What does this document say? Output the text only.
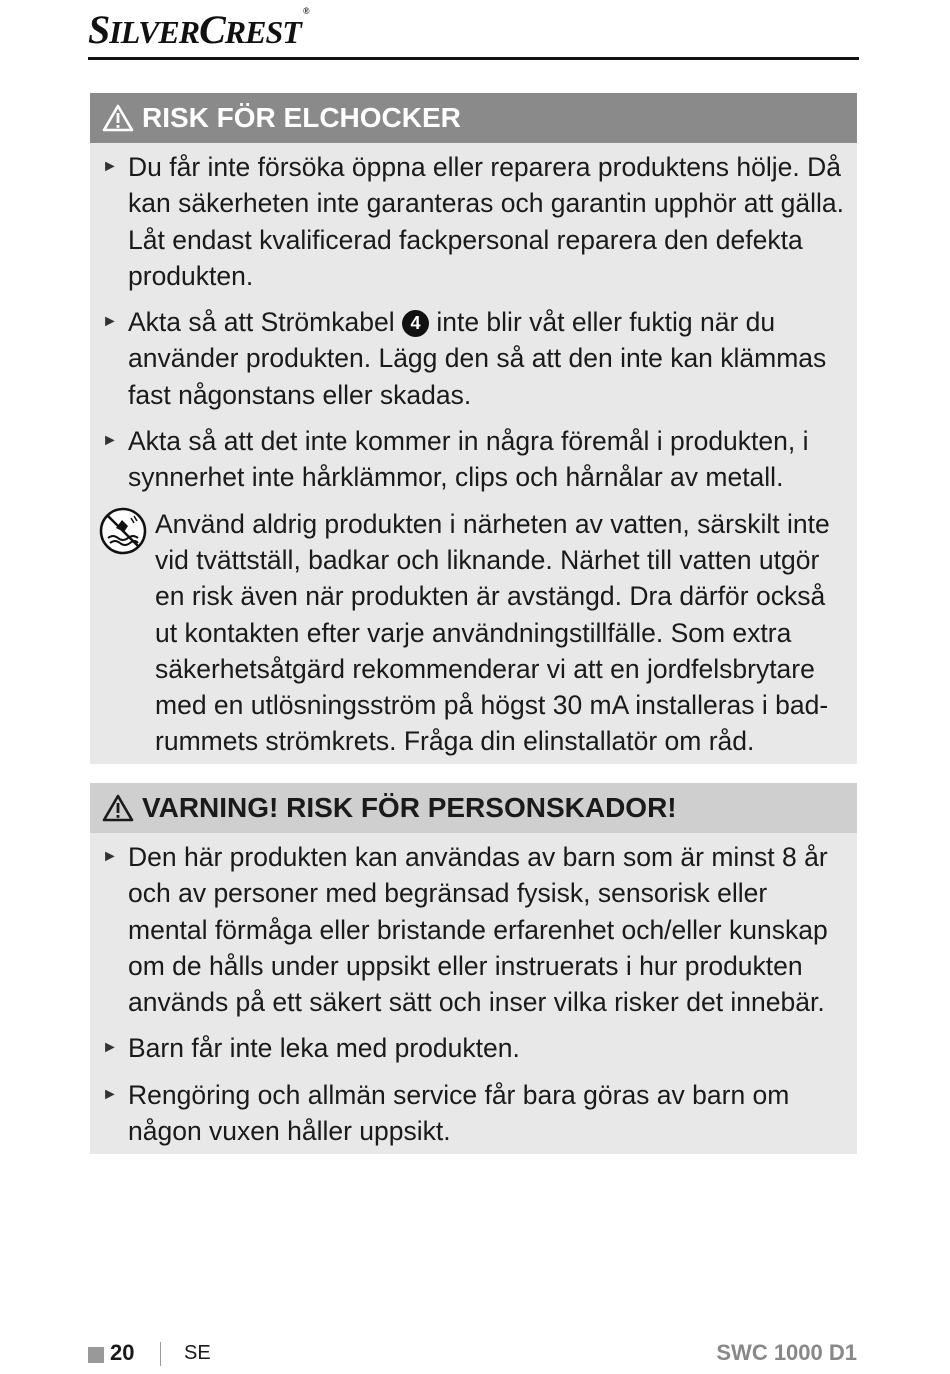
SILVERCREST®
RISK FÖR ELCHOCKER
► Du får inte försöka öppna eller reparera produktens hölje. Då kan säkerheten inte garanteras och garantin upphör att gälla. Låt endast kvalificerad fackpersonal reparera den defekta produkten.
► Akta så att Strömkabel 4 inte blir våt eller fuktig när du använder produkten. Lägg den så att den inte kan klämmas fast någonstans eller skadas.
► Akta så att det inte kommer in några föremål i produkten, i synnerhet inte hårklämmor, clips och hårnålar av metall.
Använd aldrig produkten i närheten av vatten, särskilt inte vid tvättställ, badkar och liknande. Närhet till vatten utgör en risk även när produkten är avstängd. Dra därför också ut kontakten efter varje användningstillfälle. Som extra säkerhetsåtgärd rekommenderar vi att en jordfelsbrytare med en utlösningsström på högst 30 mA installeras i bad-rummets strömkrets. Fråga din elinstallatör om råd.
VARNING! RISK FÖR PERSONSKADOR!
► Den här produkten kan användas av barn som är minst 8 år och av personer med begränsad fysisk, sensorisk eller mental förmåga eller bristande erfarenhet och/eller kunskap om de hålls under uppsikt eller instruerats i hur produkten används på ett säkert sätt och inser vilka risker det innebär.
► Barn får inte leka med produkten.
► Rengöring och allmän service får bara göras av barn om någon vuxen håller uppsikt.
20 SE	SWC 1000 D1
